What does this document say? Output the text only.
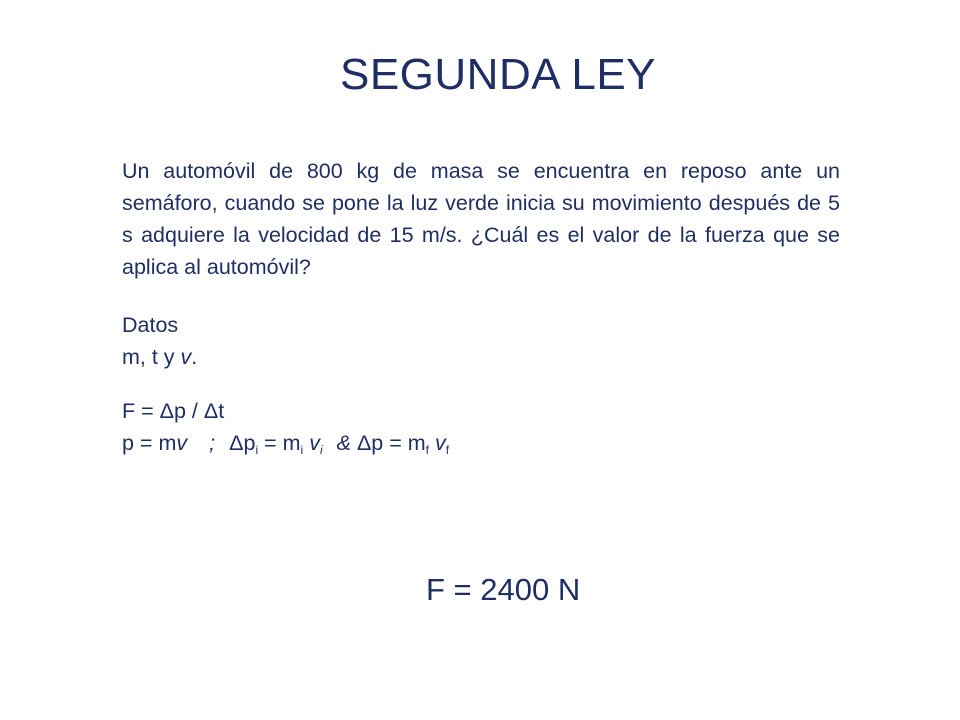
SEGUNDA LEY

Un automóvil de 800 kg de masa se encuentra en reposo ante un semáforo, cuando se pone la luz verde inicia su movimiento después de 5 s adquiere la velocidad de 15 m/s. ¿Cuál es el valor de la fuerza que se aplica al automóvil?

Datos

m, t y v.

F = Δp / Δt

p = mv ; $\Delta p_i = m_i$ $v_i$ & $\Delta p = m_f$ $v_f$

F = 2400 N
